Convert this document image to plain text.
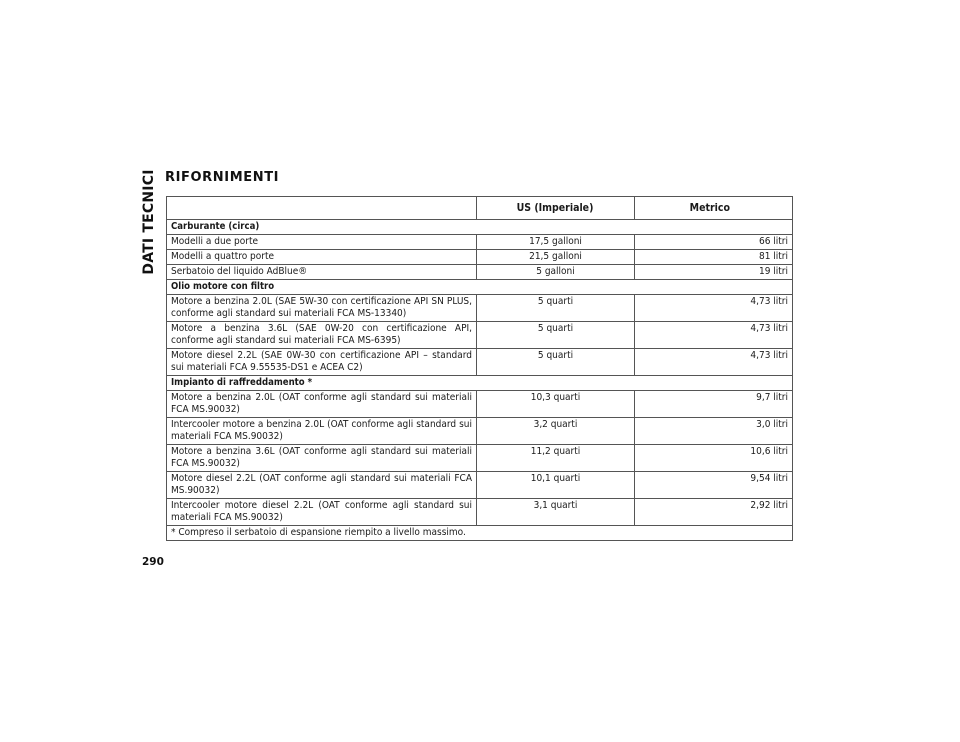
DATI TECNICI RIFORNIMENTI
	US (Imperiale)	Metrico
Carburante (circa)		
Modelli a due porte	17,5 galloni	66 litri
Modelli a quattro porte	21,5 galloni	81 litri
Serbatoio del liquido AdBlue®	5 galloni	19 litri
Olio motore con filtro		
Motore a benzina 2.0L (SAE 5W-30 con certificazione API SN PLUS, conforme agli standard sui materiali FCA MS-13340)	5 quarti	4,73 litri
Motore a benzina 3.6L (SAE 0W-20 con certificazione API, conforme agli standard sui materiali FCA MS-6395)	5 quarti	4,73 litri
Motore diesel 2.2L (SAE 0W-30 con certificazione API – standard sui materiali FCA 9.55535-DS1 e ACEA C2)	5 quarti	4,73 litri
Impianto di raffreddamento *		
Motore a benzina 2.0L (OAT conforme agli standard sui materiali FCA MS.90032)	10,3 quarti	9,7 litri
Intercooler motore a benzina 2.0L (OAT conforme agli standard sui materiali FCA MS.90032)	3,2 quarti	3,0 litri
Motore a benzina 3.6L (OAT conforme agli standard sui materiali FCA MS.90032)	11,2 quarti	10,6 litri
Motore diesel 2.2L (OAT conforme agli standard sui materiali FCA MS.90032)	10,1 quarti	9,54 litri
Intercooler motore diesel 2.2L (OAT conforme agli standard sui materiali FCA MS.90032)	3,1 quarti	2,92 litri
* Compreso il serbatoio di espansione riempito a livello massimo.		
290
